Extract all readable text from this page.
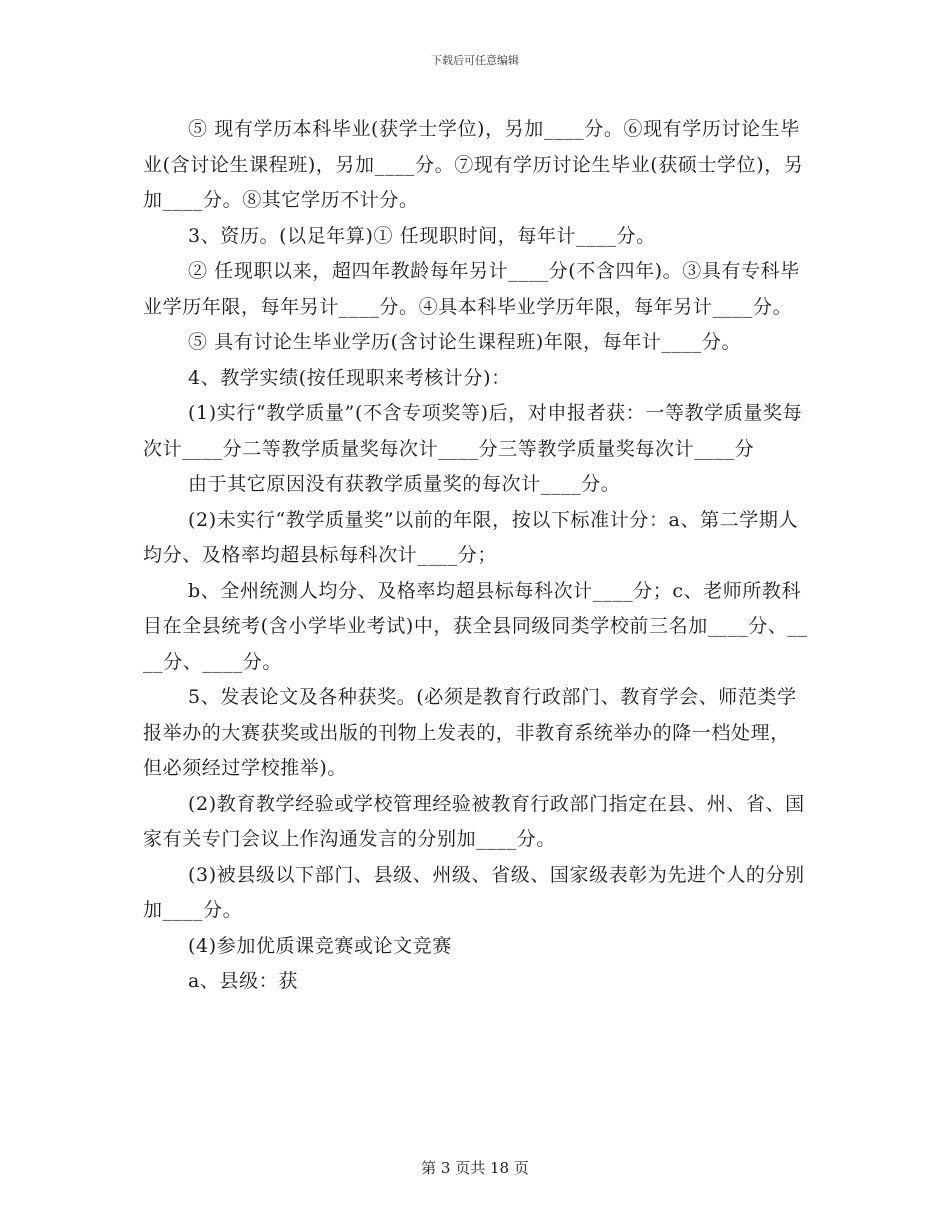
下载后可任意编辑

⑤ 现有学历本科毕业(获学士学位)，另加____分。⑥现有学历讨论生毕业(含讨论生课程班)，另加____分。⑦现有学历讨论生毕业(获硕士学位)，另加____分。⑧其它学历不计分。

3、资历。(以足年算)① 任现职时间，每年计____分。

② 任现职以来，超四年教龄每年另计____分(不含四年)。③具有专科毕业学历年限，每年另计____分。④具本科毕业学历年限，每年另计____分。

⑤ 具有讨论生毕业学历(含讨论生课程班)年限，每年计____分。

4、教学实绩(按任现职来考核计分)：

(1)实行“教学质量”(不含专项奖等)后，对申报者获：一等教学质量奖每次计____分二等教学质量奖每次计____分三等教学质量奖每次计____分

由于其它原因没有获教学质量奖的每次计____分。

(2)未实行“教学质量奖”以前的年限，按以下标准计分：a、第二学期人均分、及格率均超县标每科次计____分；

b、全州统测人均分、及格率均超县标每科次计____分；c、老师所教科目在全县统考(含小学毕业考试)中，获全县同级同类学校前三名加____分、____分、____分。

5、发表论文及各种获奖。(必须是教育行政部门、教育学会、师范类学报举办的大赛获奖或出版的刊物上发表的，非教育系统举办的降一档处理，但必须经过学校推举)。

(2)教育教学经验或学校管理经验被教育行政部门指定在县、州、省、国家有关专门会议上作沟通发言的分别加____分。

(3)被县级以下部门、县级、州级、省级、国家级表彰为先进个人的分别加____分。

(4)参加优质课竞赛或论文竞赛

a、县级：获

第 3 页共 18 页
